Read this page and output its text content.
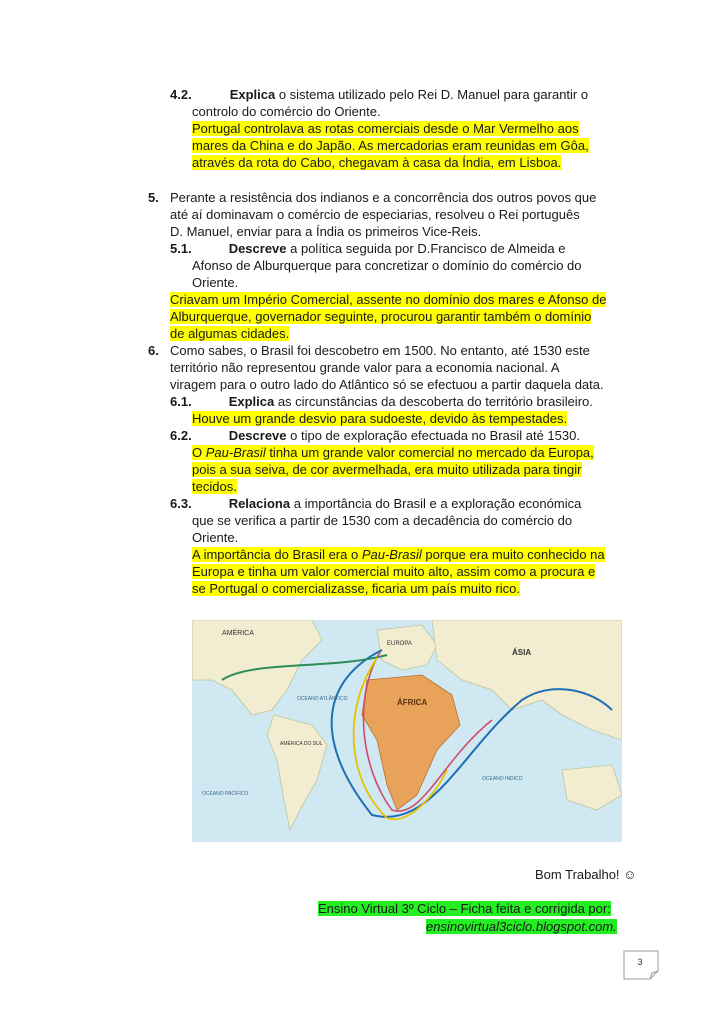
4.2.	Explica o sistema utilizado pelo Rei D. Manuel para garantir o
controlo do comércio do Oriente.
Portugal controlava as rotas comerciais desde o Mar Vermelho aos
mares da China e do Japão. As mercadorias eram reunidas em Gôa,
através da rota do Cabo, chegavam à casa da Índia, em Lisboa.
5. Perante a resistência dos indianos e a concorrência dos outros povos que
até aí dominavam o comércio de especiarias, resolveu o Rei português
D. Manuel, enviar para a Índia os primeiros Vice-Reis.
5.1.	Descreve a política seguida por D.Francisco de Almeida e
Afonso de Alburquerque para concretizar o domínio do comércio do
Oriente.
Criavam um Império Comercial, assente no domínio dos mares e Afonso de
Alburquerque, governador seguinte, procurou garantir também o domínio
de algumas cidades.
6. Como sabes, o Brasil foi descobetro em 1500. No entanto, até 1530 este
território não representou grande valor para a economia nacional. A
viragem para o outro lado do Atlântico só se efectuou a partir daquela data.
6.1.	Explica as circunstâncias da descoberta do território brasileiro.
Houve um grande desvio para sudoeste, devido às tempestades.
6.2.	Descreve o tipo de exploração efectuada no Brasil até 1530.
O Pau-Brasil tinha um grande valor comercial no mercado da Europa,
pois a sua seiva, de cor avermelhada, era muito utilizada para tingir
tecidos.
6.3.	Relaciona a importância do Brasil e a exploração económica
que se verifica a partir de 1530 com a decadência do comércio do
Oriente.
A importância do Brasil era o Pau-Brasil porque era muito conhecido na
Europa e tinha um valor comercial muito alto, assim como a procura e
se Portugal o comercializasse, ficaria um país muito rico.
AMÉRICA
OCEANO ATLÂNTICO	ÁFRICA
ÁSIA
AMÉRICA DO SUL
OCEANO PACÍFICO
OCEANO ÍNDICO
EUROPA
Bom Trabalho! ☺
Ensino Virtual 3º Ciclo – Ficha feita e corrigida por:
ensinovirtual3ciclo.blogspot.com.
3
